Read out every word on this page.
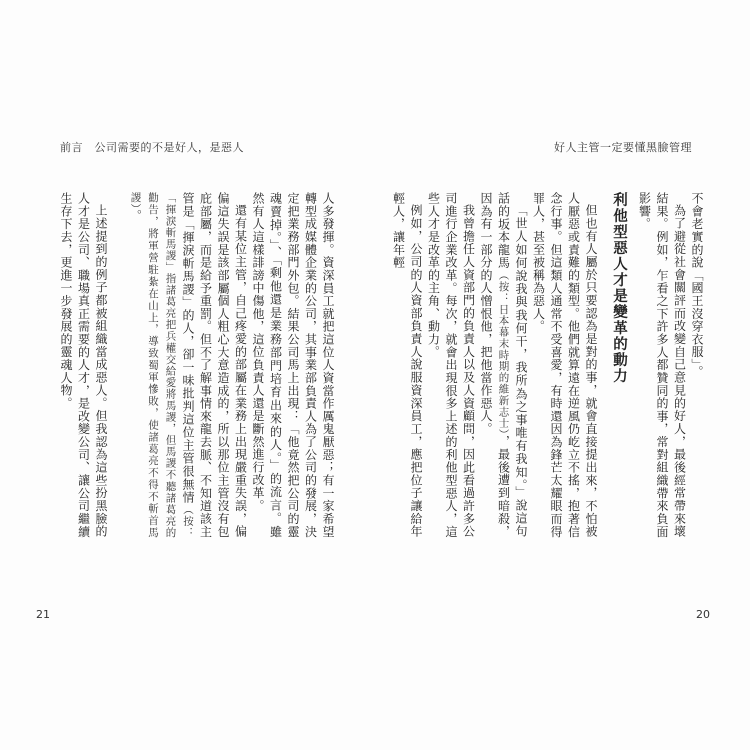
前言　公司需要的不是好人，是惡人	好人主管一定要懂黑臉管理

不會老實的說「國王沒穿衣服」。

為了避從社會關評而改變自己意見的好人，最後經常帶來壞結果。例如，乍看之下許多人都贊同的事，常對組織帶來負面影響。

利他型惡人才是變革的動力

但也有人屬於只要認為是對的事，就會直接提出來，不怕被人厭惡或責難的類型。他們就算遠在逆風仍屹立不搖，抱著信念行事。但這類人通常不受喜愛，有時還因為鋒芒太耀眼而得罪人，甚至被稱為惡人。

「世人如何說我與我何干，我所為之事唯有我知。」說這句話的坂本龍馬（按：日本幕末時期的維新志士），最後遭到暗殺，因為有一部分的人憎恨他，把他當作惡人。

我曾擔任人資部門的負責人以及人資顧問，因此看過許多公司進行企業改革。每次，就會出現很多上述的利他型惡人，這些人才是改革的主角、動力。

例如，公司的人資部負責人說服資深員工，應把位子讓給年輕人，讓年輕

人多發揮。資深員工就把這位人資當作厲鬼厭惡；有一家希望轉型成媒體企業的公司，其事業部負責人為了公司的發展，決定把業務部門外包。結果公司馬上出現：「他竟然把公司的靈魂賣掉。」、「剩他還是業務部門培育出來的人。」的流言。雖然有人這樣誹謗中傷他，這位負責人還是斷然進行改革。

還有某位主管，自己疼愛的部屬在業務上出現嚴重失誤，偏偏這失誤是該部屬個人粗心大意造成的，所以那位主管沒有包庇部屬，而是給予重罰。但不了解事情來龍去脈、不知道該主管是「揮淚斬馬謖」的人，卻一味批判這位主管很無情（按：「揮淚斬馬謖」指諸葛亮把兵權交給愛將馬謖，但馬謖不聽諸葛亮的勸告，將軍營駐紮在山上，導致蜀軍慘敗，使諸葛亮不得不斬首馬謖）。

上述提到的例子都被組織當成惡人。但我認為這些扮黑臉的人才是公司、職場真正需要的人才，是改變公司、讓公司繼續生存下去，更進一步發展的靈魂人物。

21	20
